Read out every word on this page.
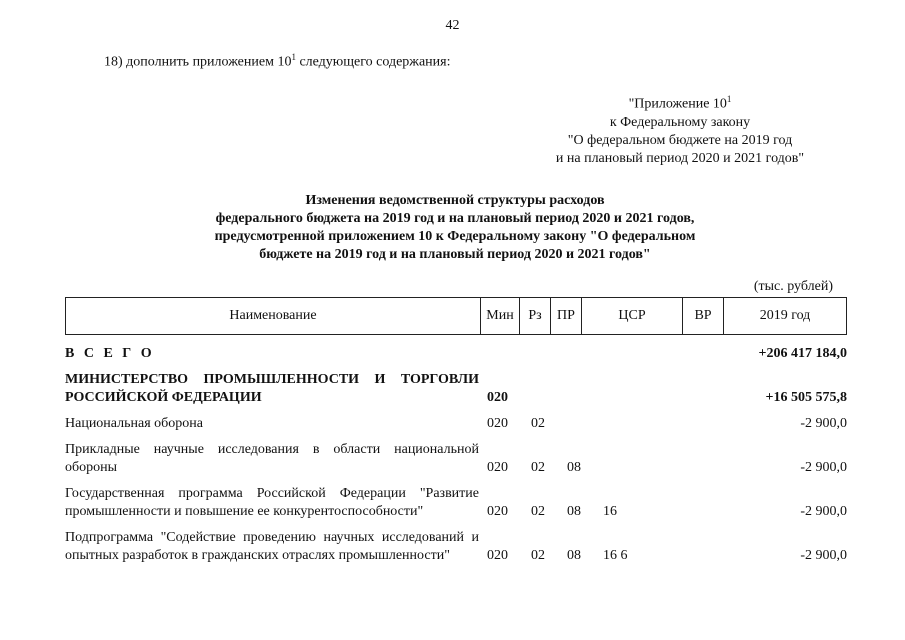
42
18) дополнить приложением $10^1$ следующего содержания:
"Приложение $10^1$
к Федеральному закону
"О федеральном бюджете на 2019 год
и на плановый период 2020 и 2021 годов"
Изменения ведомственной структуры расходов
федерального бюджета на 2019 год и на плановый период 2020 и 2021 годов,
предусмотренной приложением 10 к Федеральному закону "О федеральном
бюджете на 2019 год и на плановый период 2020 и 2021 годов"
(тыс. рублей)
Наименование	Мин	Рз	ПР	ЦСР	ВР	2019 год
В С Е Г О						+206 417 184,0
МИНИСТЕРСТВО ПРОМЫШЛЕННОСТИ И ТОРГОВЛИ РОССИЙСКОЙ ФЕДЕРАЦИИ	020					+16 505 575,8
Национальная оборона	020	02				-2 900,0
Прикладные научные исследования в области национальной обороны	020	02	08			-2 900,0
Государственная программа Российской Федерации "Развитие промышленности и повышение ее конкурентоспособности"	020	02	08	16		-2 900,0
Подпрограмма "Содействие проведению научных исследований и опытных разработок в гражданских отраслях промышленности"	020	02	08	16 6		-2 900,0
